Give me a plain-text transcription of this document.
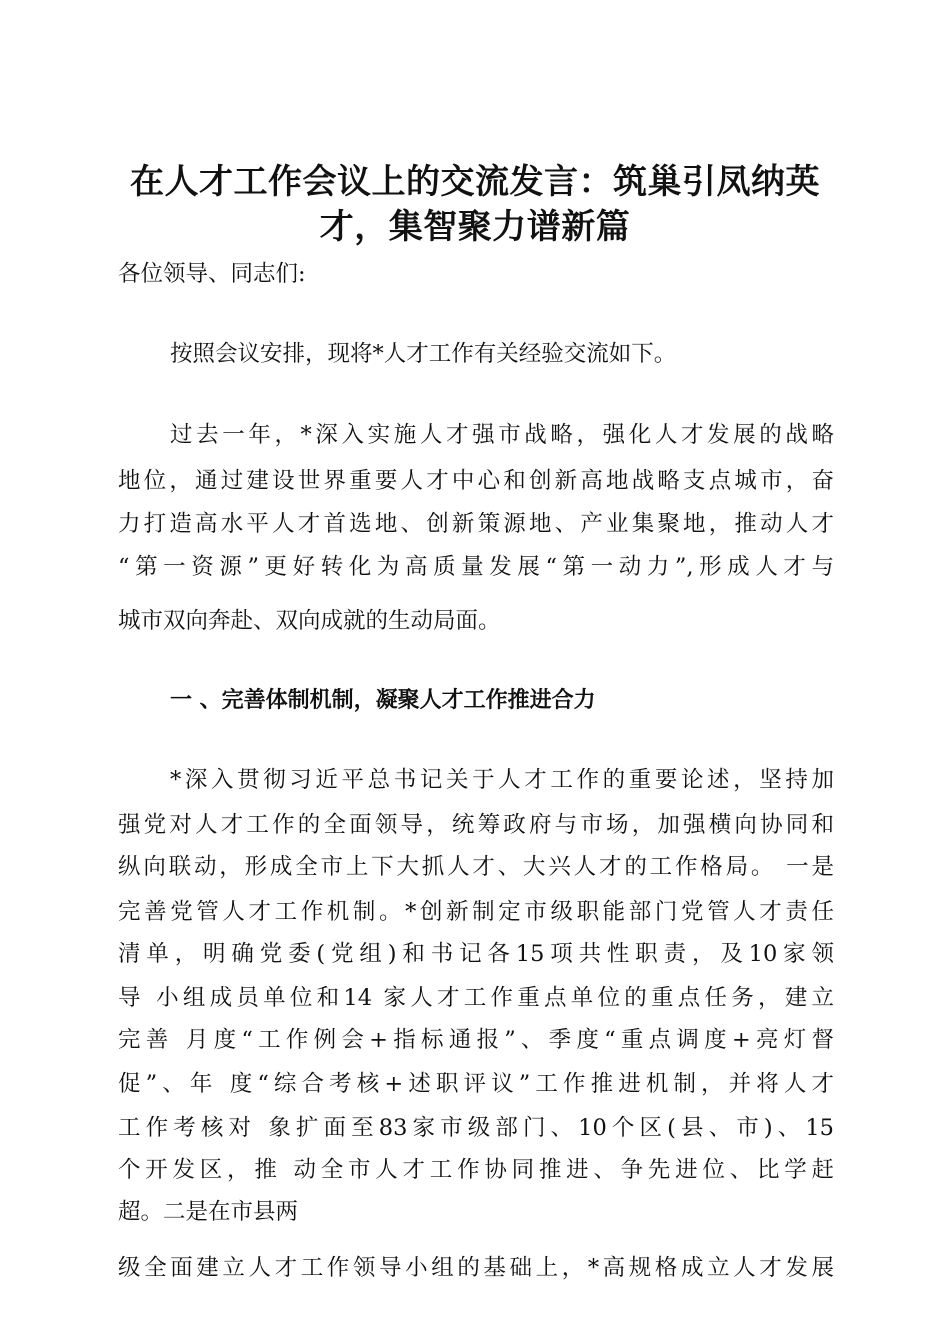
在人才工作会议上的交流发言：筑巢引凤纳英
才，集智聚力谱新篇

各位领导、同志们:

按照会议安排，现将*人才工作有关经验交流如下。

过去一年，*深入实施人才强市战略，强化人才发展的战略

地位，通过建设世界重要人才中心和创新高地战略支点城市，奋

力打造高水平人才首选地、创新策源地、产业集聚地，推动人才

“第一资源”更好转化为高质量发展“第一动力”,形成人才与

城市双向奔赴、双向成就的生动局面。

一 、完善体制机制，凝聚人才工作推进合力

*深入贯彻习近平总书记关于人才工作的重要论述，坚持加

强党对人才工作的全面领导，统筹政府与市场，加强横向协同和

纵向联动，形成全市上下大抓人才、大兴人才的工作格局。 一是

完善党管人才工作机制。*创新制定市级职能部门党管人才责任

清单，明确党委(党组)和书记各15项共性职责，及10家领

导 小组成员单位和14 家人才工作重点单位的重点任务，建立

完善 月度“工作例会+指标通报”、季度“重点调度+亮灯督

促”、年 度“综合考核+述职评议”工作推进机制，并将人才

工作考核对 象扩面至83家市级部门、10个区(县、市)、15

个开发区，推 动全市人才工作协同推进、争先进位、比学赶

超。二是在市县两

级全面建立人才工作领导小组的基础上，*高规格成立人才发展
